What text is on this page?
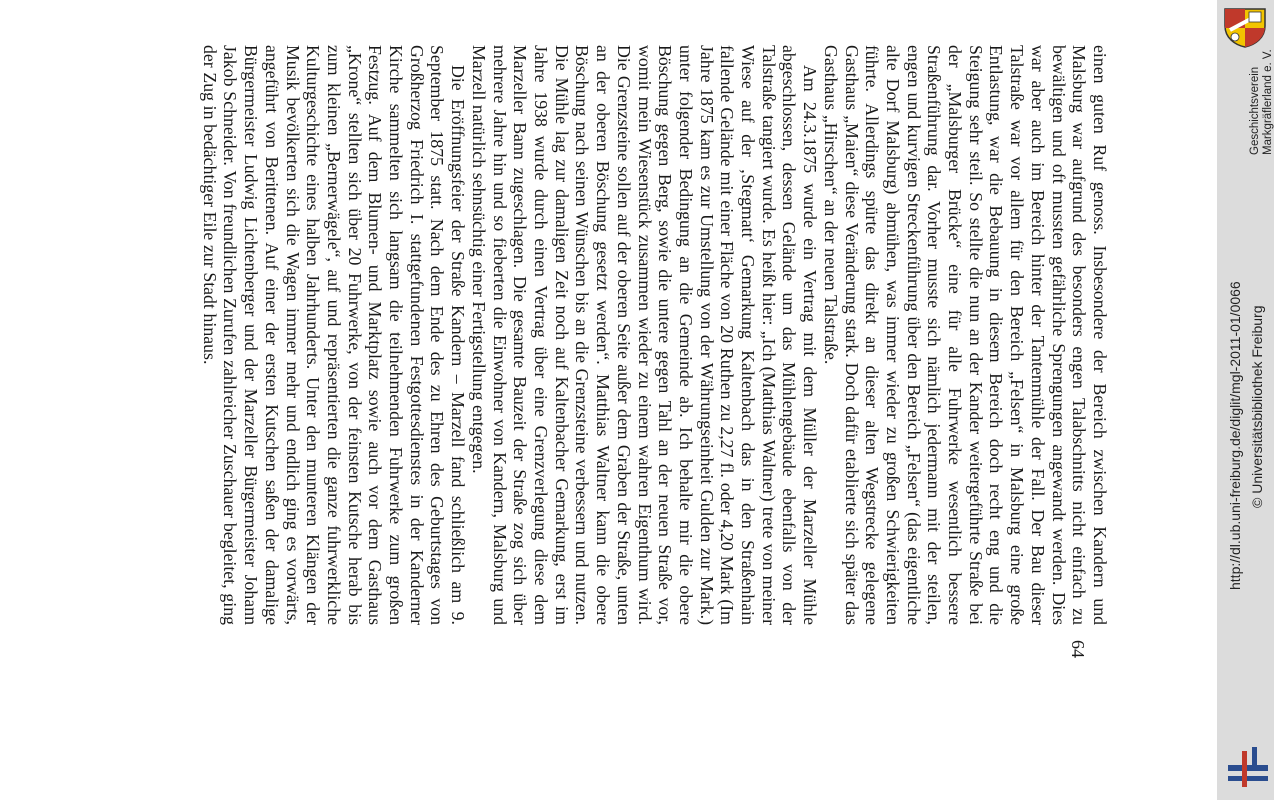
einen guten Ruf genoss. Insbesondere der Bereich zwischen Kandern und Malsburg war aufgrund des besonders engen Talabschnitts nicht einfach zu bewältigen und oft mussten gefährliche Sprengungen angewandt werden. Dies war aber auch im Bereich hinter der Tantenmühle der Fall. Der Bau dieser Talstraße war vor allem für den Bereich „Felsen“ in Malsburg eine große Entlastung, war die Bebauung in diesem Bereich doch recht eng und die Steigung sehr steil. So stellte die nun an der Kander weitergeführte Straße bei der „Malsburger Brücke“ eine für alle Fuhrwerke wesentlich bessere Straßenführung dar. Vorher musste sich nämlich jedermann mit der steilen, engen und kurvigen Streckenführung über den Bereich „Felsen“ (das eigentliche alte Dorf Malsburg) abmühen, was immer wieder zu großen Schwierigkeiten führte. Allerdings spürte das direkt an dieser alten Wegstrecke gelegene Gasthaus „Maien“ diese Veränderung stark. Doch dafür etablierte sich später das Gasthaus „Hirschen“ an der neuen Talstraße.

Am 24.3.1875 wurde ein Vertrag mit dem Müller der Marzeller Mühle abgeschlossen, dessen Gelände um das Mühlengebäude ebenfalls von der Talstraße tangiert wurde. Es heißt hier: „Ich (Matthias Waltner) trete von meiner Wiese auf der ‚Stegmatt‘ Gemarkung Kaltenbach das in den Straßenhain fallende Gelände mit einer Fläche von 20 Ruthen zu 2,27 fl. oder 4,20 Mark (Im Jahre 1875 kam es zur Umstellung von der Währungseinheit Gulden zur Mark.) unter folgender Bedingung an die Gemeinde ab. Ich behalte mir die obere Böschung gegen Berg, sowie die untere gegen Tahl an der neuen Straße vor, womit mein Wiesenstück zusammen wieder zu einem wahren Eigenthum wird. Die Grenzsteine sollen auf der oberen Seite außer dem Graben der Straße, unten an der oberen Böschung gesetzt werden“. Matthias Waltner kann die obere Böschung nach seinen Wünschen bis an die Grenzsteine verbessern und nutzen. Die Mühle lag zur damaligen Zeit noch auf Kaltenbacher Gemarkung, erst im Jahre 1938 wurde durch einen Vertrag über eine Grenzverlegung diese dem Marzeller Bann zugeschlagen. Die gesamte Bauzeit der Straße zog sich über mehrere Jahre hin und so fieberten die Einwohner von Kandern, Malsburg und Marzell natürlich sehnsüchtig einer Fertigstellung entgegen.

Die Eröffnungsfeier der Straße Kandern – Marzell fand schließlich am 9. September 1875 statt. Nach dem Ende des zu Ehren des Geburtstages von Großherzog Friedrich I. stattgefundenen Festgottesdienstes in der Kanderner Kirche sammelten sich langsam die teilnehmenden Fuhrwerke zum großen Festzug. Auf dem Blumen- und Marktplatz sowie auch vor dem Gasthaus „Krone“ stellten sich über 20 Fuhrwerke, von der feinsten Kutsche herab bis zum kleinen „Bernerwägele“, auf und repräsentierten die ganze fuhrwerkliche Kulturgeschichte eines halben Jahrhunderts. Unter den munteren Klängen der Musik bevölkerten sich die Wagen immer mehr und endlich ging es vorwärts, angeführt von Berittenen. Auf einer der ersten Kutschen saßen der damalige Bürgermeister Ludwig Lichtenberger und der Marzeller Bürgermeister Johann Jakob Schneider. Von freundlichen Zurufen zahlreicher Zuschauer begleitet, ging der Zug in bedächtiger Eile zur Stadt hinaus.

64
Geschichtsverein Markgräflerland e. V.
http://dl.ub.uni-freiburg.de/diglit/mgl-2011-01/0066 © Universitätsbibliothek Freiburg
